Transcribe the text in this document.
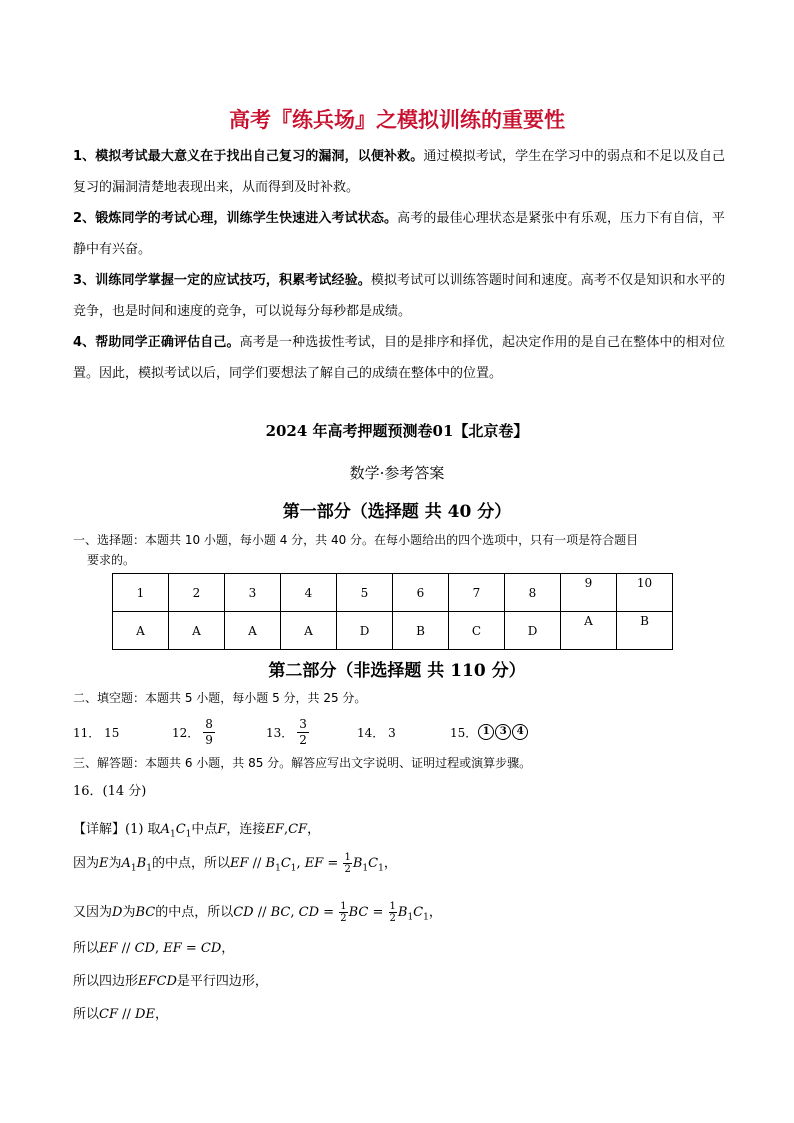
高考『练兵场』之模拟训练的重要性

1、模拟考试最大意义在于找出自己复习的漏洞，以便补救。通过模拟考试，学生在学习中的弱点和不足以及自己复习的漏洞清楚地表现出来，从而得到及时补救。

2、锻炼同学的考试心理，训练学生快速进入考试状态。高考的最佳心理状态是紧张中有乐观，压力下有自信，平静中有兴奋。

3、训练同学掌握一定的应试技巧，积累考试经验。模拟考试可以训练答题时间和速度。高考不仅是知识和水平的竞争，也是时间和速度的竞争，可以说每分每秒都是成绩。

4、帮助同学正确评估自己。高考是一种选拔性考试，目的是排序和择优，起决定作用的是自己在整体中的相对位置。因此，模拟考试以后，同学们要想法了解自己的成绩在整体中的位置。

2024 年高考押题预测卷01【北京卷】
数学·参考答案
第一部分（选择题 共 40 分）
一、选择题：本题共 10 小题，每小题 4 分，共 40 分。在每小题给出的四个选项中，只有一项是符合题目
要求的。
1	2	3	4	5	6	7	8	9	10
A	A	A	A	D	B	C	D	A	B
第二部分（非选择题 共 110 分）
二、填空题：本题共 5 小题，每小题 5 分，共 25 分。
11． 15	12． $\frac{8}{9}$	13． $\frac{3}{2}$	14． 3	15． 1	3	4
三、解答题：本题共 6 小题，共 85 分。解答应写出文字说明、证明过程或演算步骤。
16．(14 分)
【详解】(1) 取$A_1C_1$中点F，连接EF,CF，
因为E为$A_1B_1$的中点，所以EF // $B_1C_1$, EF = $\frac{1}{2} B_1C_1$，
又因为D为BC的中点，所以CD // BC, CD = $\frac{1}{2}$ BC = $\frac{1}{2} B_1C_1$，
所以EF // CD, EF = CD，
所以四边形EFCD是平行四边形，
所以CF // DE，
